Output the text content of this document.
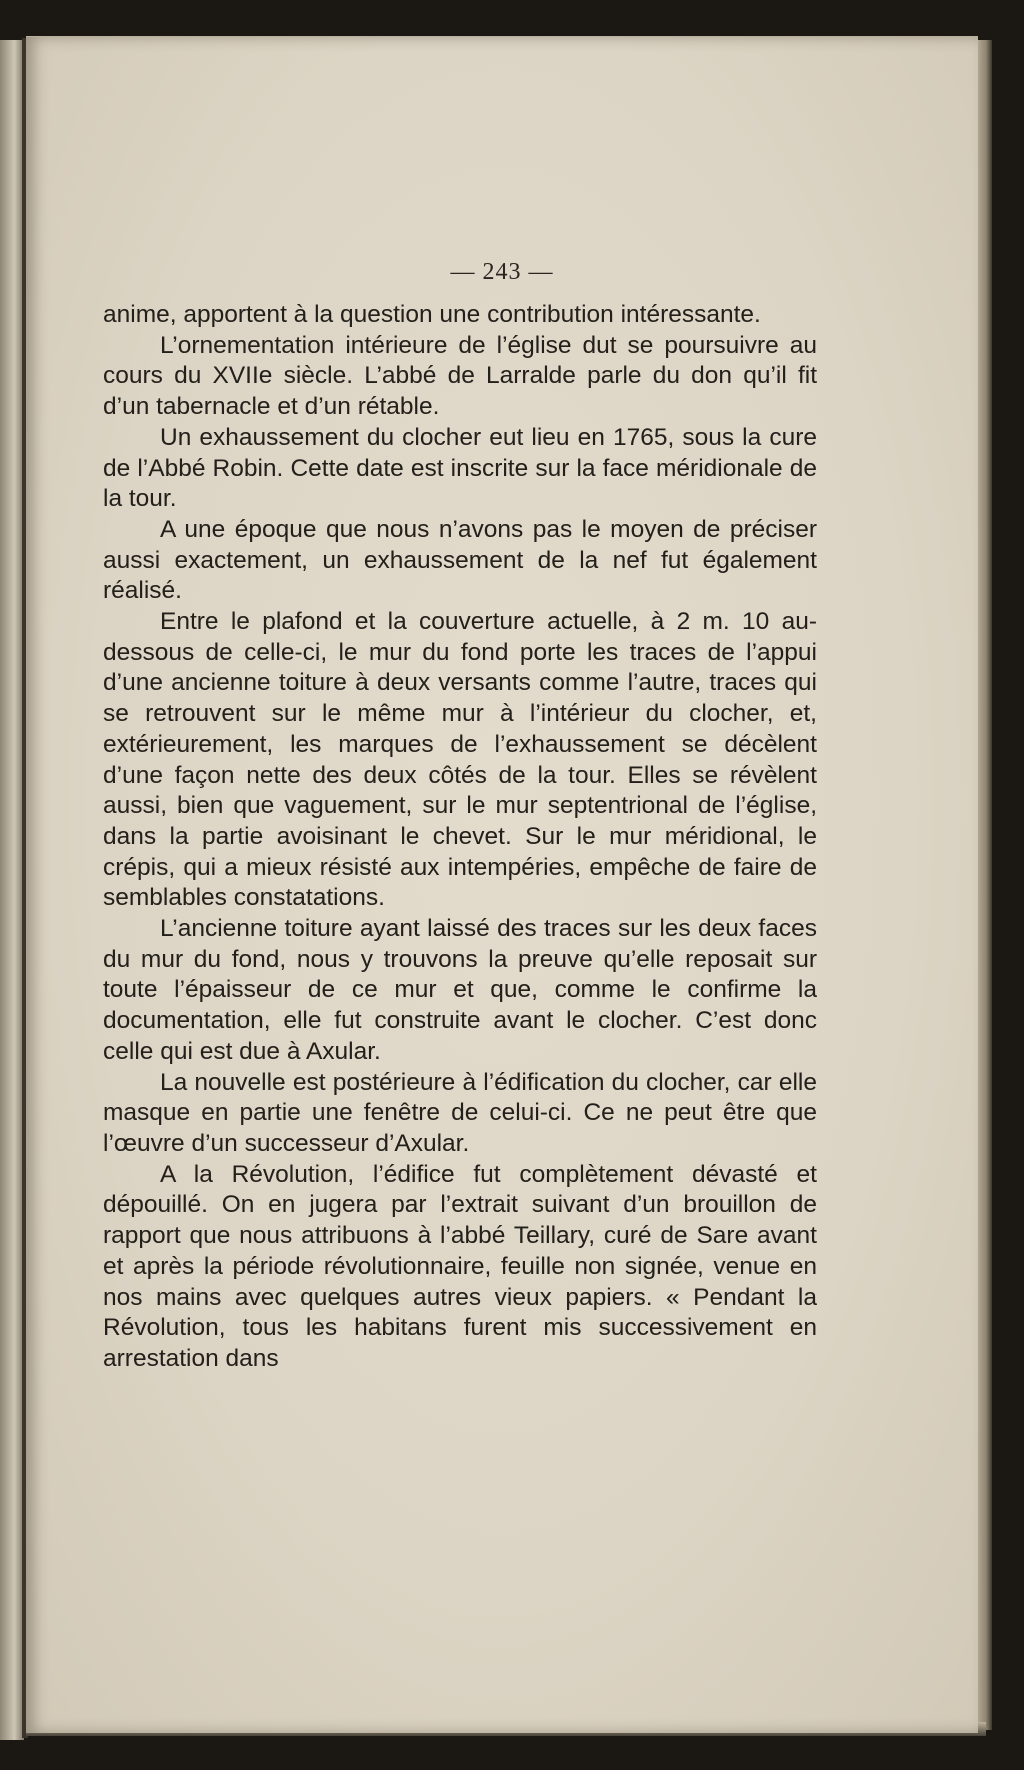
— 243 —

anime, apportent à la question une contribution intéressante.

L’ornementation intérieure de l’église dut se poursuivre au cours du XVIIe siècle. L’abbé de Larralde parle du don qu’il fit d’un tabernacle et d’un rétable.

Un exhaussement du clocher eut lieu en 1765, sous la cure de l’Abbé Robin. Cette date est inscrite sur la face méridionale de la tour.

A une époque que nous n’avons pas le moyen de préciser aussi exactement, un exhaussement de la nef fut également réalisé.

Entre le plafond et la couverture actuelle, à 2 m. 10 au-dessous de celle-ci, le mur du fond porte les traces de l’appui d’une ancienne toiture à deux versants comme l’autre, traces qui se retrouvent sur le même mur à l’intérieur du clocher, et, extérieurement, les marques de l’exhaussement se décèlent d’une façon nette des deux côtés de la tour. Elles se révèlent aussi, bien que vaguement, sur le mur septentrional de l’église, dans la partie avoisinant le chevet. Sur le mur méridional, le crépis, qui a mieux résisté aux intempéries, empêche de faire de semblables constatations.

L’ancienne toiture ayant laissé des traces sur les deux faces du mur du fond, nous y trouvons la preuve qu’elle reposait sur toute l’épaisseur de ce mur et que, comme le confirme la documentation, elle fut construite avant le clocher. C’est donc celle qui est due à Axular.

La nouvelle est postérieure à l’édification du clocher, car elle masque en partie une fenêtre de celui-ci. Ce ne peut être que l’œuvre d’un successeur d’Axular.

A la Révolution, l’édifice fut complètement dévasté et dépouillé. On en jugera par l’extrait suivant d’un brouillon de rapport que nous attribuons à l’abbé Teillary, curé de Sare avant et après la période révolutionnaire, feuille non signée, venue en nos mains avec quelques autres vieux papiers. « Pendant la Révolution, tous les habitans furent mis successivement en arrestation dans
